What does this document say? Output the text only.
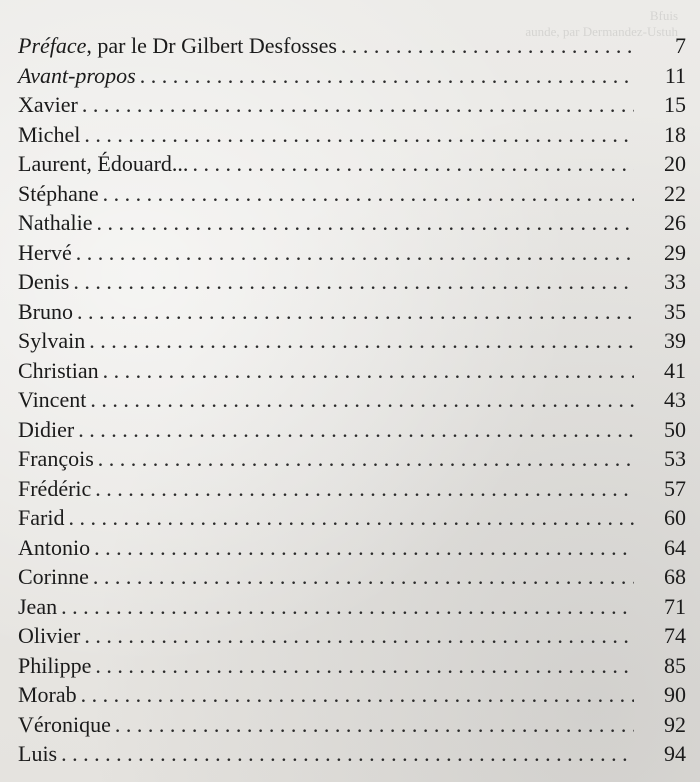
Bfuis
aunde, par Dermandez-Ustuh
Préface, par le Dr Gilbert Desfosses . . .	7
Avant-propos . . .	11
Xavier . . .	15
Michel . . .	18
Laurent, Édouard... . . .	20
Stéphane . . .	22
Nathalie . . .	26
Hervé . . .	29
Denis . . .	33
Bruno . . .	35
Sylvain . . .	39
Christian . . .	41
Vincent . . .	43
Didier . . .	50
François . . .	53
Frédéric . . .	57
Farid . . .	60
Antonio . . .	64
Corinne . . .	68
Jean . . .	71
Olivier . . .	74
Philippe . . .	85
Morab . . .	90
Véronique . . .	92
Luis . . .	94
